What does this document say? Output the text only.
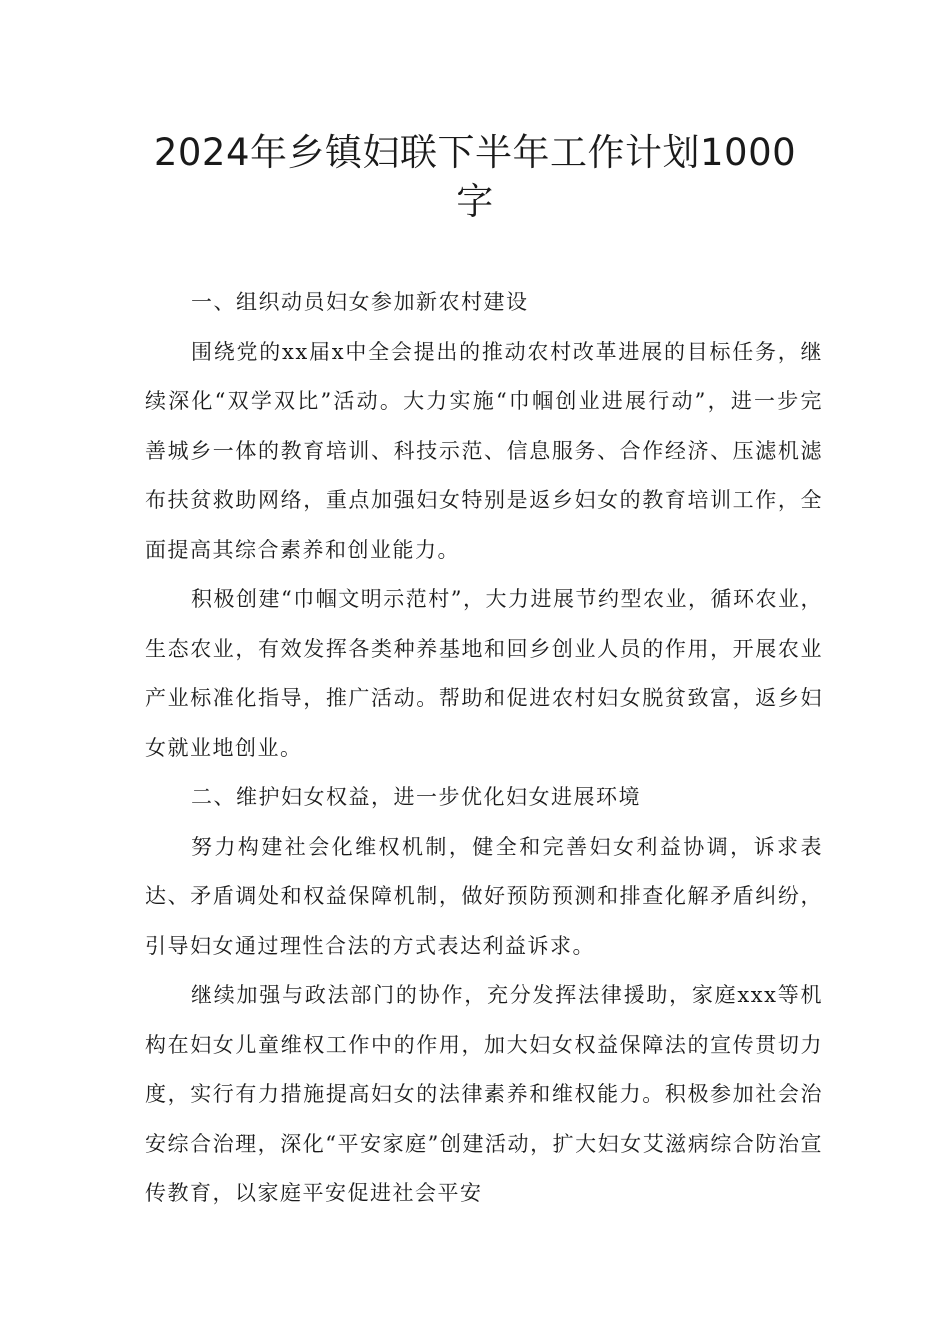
2024年乡镇妇联下半年工作计划1000字

一、组织动员妇女参加新农村建设

围绕党的xx届x中全会提出的推动农村改革进展的目标任务，继续深化“双学双比”活动。大力实施“巾帼创业进展行动”，进一步完善城乡一体的教育培训、科技示范、信息服务、合作经济、压滤机滤布扶贫救助网络，重点加强妇女特别是返乡妇女的教育培训工作，全面提高其综合素养和创业能力。

积极创建“巾帼文明示范村”，大力进展节约型农业，循环农业，生态农业，有效发挥各类种养基地和回乡创业人员的作用，开展农业产业标准化指导，推广活动。帮助和促进农村妇女脱贫致富，返乡妇女就业地创业。

二、维护妇女权益，进一步优化妇女进展环境

努力构建社会化维权机制，健全和完善妇女利益协调，诉求表达、矛盾调处和权益保障机制，做好预防预测和排查化解矛盾纠纷，引导妇女通过理性合法的方式表达利益诉求。

继续加强与政法部门的协作，充分发挥法律援助，家庭xxx等机构在妇女儿童维权工作中的作用，加大妇女权益保障法的宣传贯切力度，实行有力措施提高妇女的法律素养和维权能力。积极参加社会治安综合治理，深化“平安家庭”创建活动，扩大妇女艾滋病综合防治宣传教育，以家庭平安促进社会平安
